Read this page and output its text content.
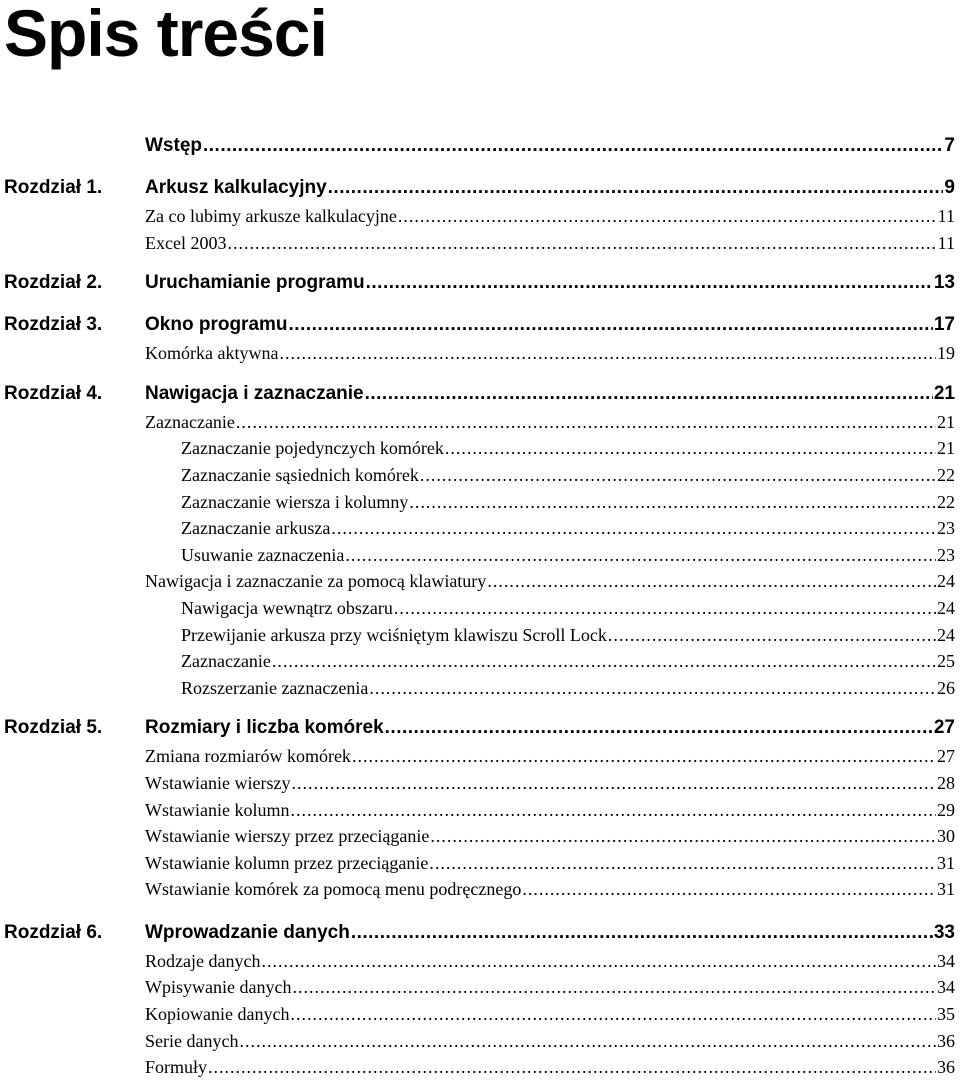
Spis treści
Wstęp .....	7
Rozdział 1. Arkusz kalkulacyjny .....	9
Za co lubimy arkusze kalkulacyjne .....	11
Excel 2003 .....	11
Rozdział 2. Uruchamianie programu .....	13
Rozdział 3. Okno programu .....	17
Komórka aktywna .....	19
Rozdział 4. Nawigacja i zaznaczanie .....	21
Zaznaczanie .....	21
Zaznaczanie pojedynczych komórek .....	21
Zaznaczanie sąsiednich komórek .....	22
Zaznaczanie wiersza i kolumny .....	22
Zaznaczanie arkusza .....	23
Usuwanie zaznaczenia .....	23
Nawigacja i zaznaczanie za pomocą klawiatury .....	24
Nawigacja wewnątrz obszaru .....	24
Przewijanie arkusza przy wciśniętym klawiszu Scroll Lock .....	24
Zaznaczanie .....	25
Rozszerzanie zaznaczenia .....	26
Rozdział 5. Rozmiary i liczba komórek .....	27
Zmiana rozmiarów komórek .....	27
Wstawianie wierszy .....	28
Wstawianie kolumn .....	29
Wstawianie wierszy przez przeciąganie .....	30
Wstawianie kolumn przez przeciąganie .....	31
Wstawianie komórek za pomocą menu podręcznego .....	31
Rozdział 6. Wprowadzanie danych .....	33
Rodzaje danych .....	34
Wpisywanie danych .....	34
Kopiowanie danych .....	35
Serie danych .....	36
Formuły .....	36
